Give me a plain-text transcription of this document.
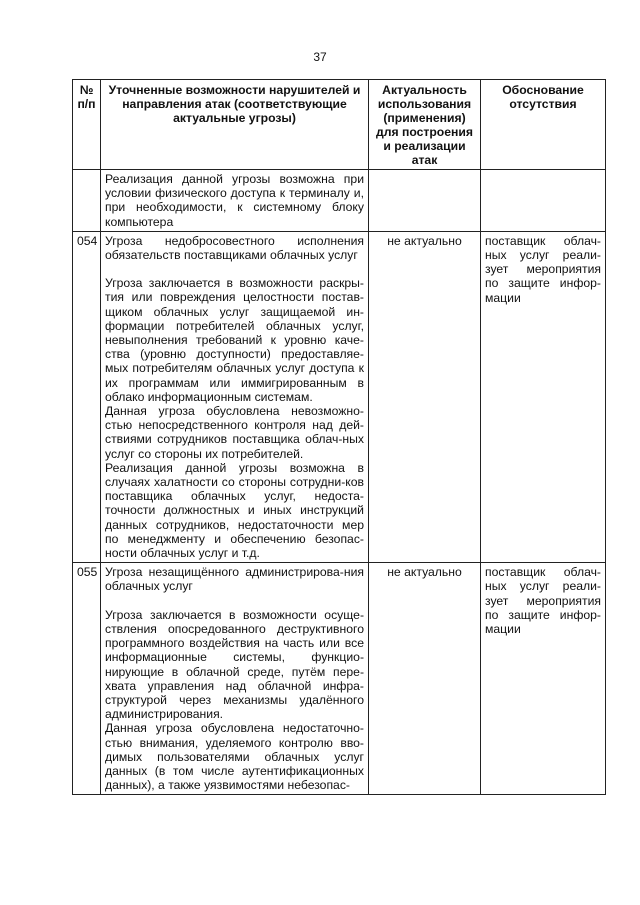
37
№ п/п	Уточненные возможности нарушителей и направления атак (соответствующие актуальные угрозы)	Актуальность использования (применения) для построения и реализации атак	Обоснование отсутствия

	Реализация данной угрозы возможна при условии физического доступа к терминалу и, при необходимости, к системному блоку компьютера		

054	Угроза недобросовестного исполнения обязательств поставщиками облачных услуг

Угроза заключается в возможности раскры-тия или повреждения целостности постав-щиком облачных услуг защищаемой ин-формации потребителей облачных услуг, невыполнения требований к уровню каче-ства (уровню доступности) предоставляе-мых потребителям облачных услуг доступа к их программам или иммигрированным в облако информационным системам.

Данная угроза обусловлена невозможно-стью непосредственного контроля над дей-ствиями сотрудников поставщика облач-ных услуг со стороны их потребителей.

Реализация данной угрозы возможна в случаях халатности со стороны сотрудни-ков поставщика облачных услуг, недоста-точности должностных и иных инструкций данных сотрудников, недостаточности мер по менеджменту и обеспечению безопас-ности облачных услуг и т.д.	не актуально	поставщик облач-ных услуг реали-зует мероприятия по защите инфор-мации
055	Угроза незащищённого администрирова-ния облачных услуг

Угроза заключается в возможности осуще-ствления опосредованного деструктивного программного воздействия на часть или все информационные системы, функцио-нирующие в облачной среде, путём пере-хвата управления над облачной инфра-структурой через механизмы удалённого администрирования.

Данная угроза обусловлена недостаточно-стью внимания, уделяемого контролю вво-димых пользователями облачных услуг данных (в том числе аутентификационных данных), а также уязвимостями небезопас-	не актуально	поставщик облач-ных услуг реали-зует мероприятия по защите инфор-мации
